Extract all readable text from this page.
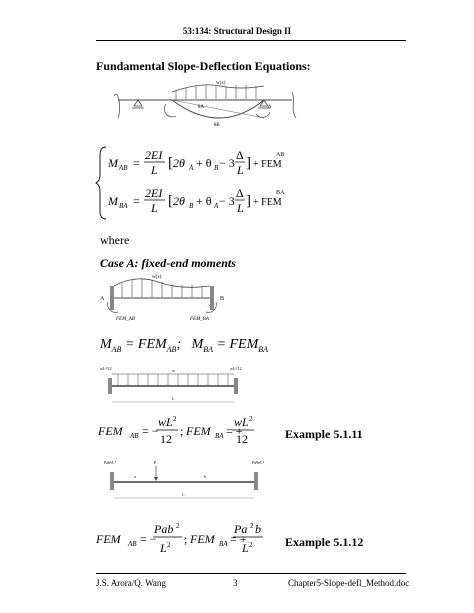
53:134: Structural Design II
Fundamental Slope-Deflection Equations:
w(x)
θA
θB
Δ
M AB =
2EI
L [ 2θ A + θ B − 3
Δ
L ] + FEM
M BA =
2EI
L [ 2θ B + θ A − 3
Δ
L ] + FEM
AB
BA
where
Case A: fixed-end moments
w(x)
A	B
FEM_AB	FEM_BA
$M_{AB} = FEM_{AB}$;   $M_{BA} = FEM_{BA}$
wL²/12	wL²/12
w
L
FEM AB = −
wL 2
12
; FEM BA = +
wL 2
12	Example 5.1.11
Pab²/L²	Pa²b/L²
P
a	b
L
FEM AB = −
Pab 2
L 2 ; FEM BA = +
Pa 2 b
L 2	Example 5.1.12
J.S. Arora/Q. Wang	3	Chapter5-Slope-defl_Method.doc
